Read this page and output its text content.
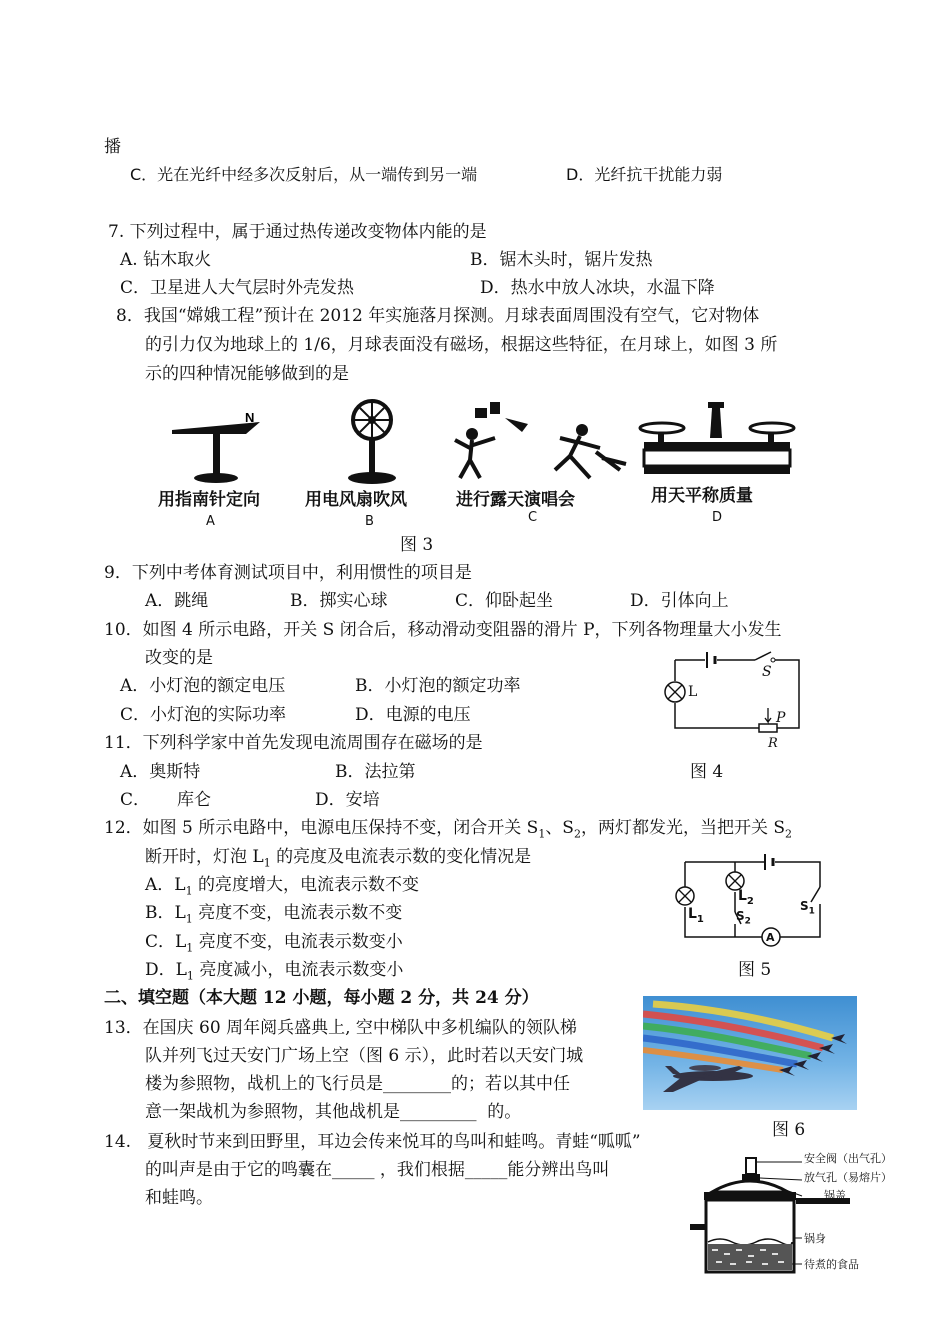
播
C．光在光纤中经多次反射后，从一端传到另一端	D．光纤抗干扰能力弱
7. 下列过程中，属于通过热传递改变物体内能的是
A. 钻木取火	B．锯木头时，锯片发热
C．卫星进人大气层时外壳发热	D．热水中放人冰块，水温下降
8．我国“嫦娥工程”预计在 2012 年实施落月探测。月球表面周围没有空气，它对物体
的引力仅为地球上的 1/6，月球表面没有磁场，根据这些特征，在月球上，如图 3 所
示的四种情况能够做到的是
N
用指南针定向	用电风扇吹风	进行露天演唱会	用天平称质量
A	B	C	D
图 3
9．下列中考体育测试项目中，利用惯性的项目是
A．跳绳	B．掷实心球	C．仰卧起坐	D．引体向上
10．如图 4 所示电路，开关 S 闭合后，移动滑动变阻器的滑片 P，下列各物理量大小发生
改变的是
A．小灯泡的额定电压	B．小灯泡的额定功率
C．小灯泡的实际功率	D．电源的电压
S
L
P
R
图 4
11．下列科学家中首先发现电流周围存在磁场的是
A．奥斯特	B．法拉第
C．     库仑	D．安培
12．如图 5 所示电路中，电源电压保持不变，闭合开关 $S_1$、$S_2$，两灯都发光，当把开关 $S_2$
断开时，灯泡 $L_1$ 的亮度及电流表示数的变化情况是
A．$L_1$ 的亮度增大，电流表示数不变
B．$L_1$ 亮度不变，电流表示数不变
C．$L_1$ 亮度不变，电流表示数变小
D．$L_1$ 亮度减小，电流表示数变小
$L_1$
$L_2$
$S_2$
$S_1$
A
图 5
二、填空题（本大题 12 小题，每小题 2 分，共 24 分）
13．在国庆 60 周年阅兵盛典上, 空中梯队中多机编队的领队梯
队并列飞过天安门广场上空（图 6 示），此时若以天安门城
楼为参照物，战机上的飞行员是________的；若以其中任
意一架战机为参照物，其他战机是_________  的。
图 6
14.   夏秋时节来到田野里，耳边会传来悦耳的鸟叫和蛙鸣。青蛙“呱呱”
的叫声是由于它的鸣囊在_____ ，我们根据_____能分辨出鸟叫
和蛙鸣。
安全阀（出气孔）
放气孔（易熔片）
锅盖
锅身
待煮的食品
